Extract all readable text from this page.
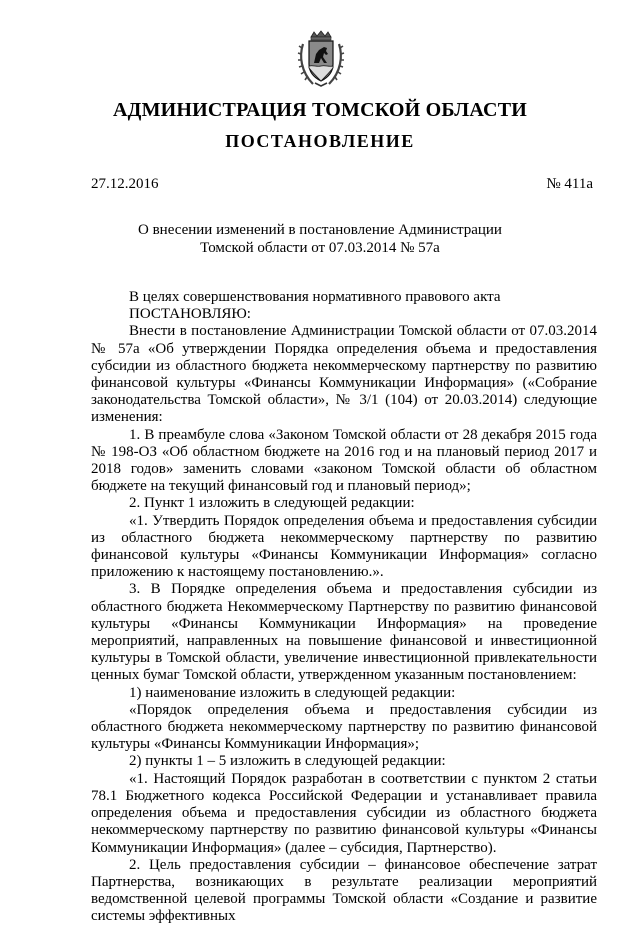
АДМИНИСТРАЦИЯ ТОМСКОЙ ОБЛАСТИ
ПОСТАНОВЛЕНИЕ
27.12.2016	№ 411а
О внесении изменений в постановление Администрации
Томской области от 07.03.2014 № 57а

В целях совершенствования нормативного правового акта

ПОСТАНОВЛЯЮ:

Внести в постановление Администрации Томской области от 07.03.2014 № 57а «Об утверждении Порядка определения объема и предоставления субсидии из областного бюджета некоммерческому партнерству по развитию финансовой культуры «Финансы Коммуникации Информация» («Собрание законодательства Томской области», № 3/1 (104) от 20.03.2014) следующие изменения:

1. В преамбуле слова «Законом Томской области от 28 декабря 2015 года № 198-ОЗ «Об областном бюджете на 2016 год и на плановый период 2017 и 2018 годов» заменить словами «законом Томской области об областном бюджете на текущий финансовый год и плановый период»;

2. Пункт 1 изложить в следующей редакции:

«1. Утвердить Порядок определения объема и предоставления субсидии из областного бюджета некоммерческому партнерству по развитию финансовой культуры «Финансы Коммуникации Информация» согласно приложению к настоящему постановлению.».

3. В Порядке определения объема и предоставления субсидии из областного бюджета Некоммерческому Партнерству по развитию финансовой культуры «Финансы Коммуникации Информация» на проведение мероприятий, направленных на повышение финансовой и инвестиционной культуры в Томской области, увеличение инвестиционной привлекательности ценных бумаг Томской области, утвержденном указанным постановлением:

1) наименование изложить в следующей редакции:

«Порядок определения объема и предоставления субсидии из областного бюджета некоммерческому партнерству по развитию финансовой культуры «Финансы Коммуникации Информация»;

2) пункты 1 – 5 изложить в следующей редакции:

«1. Настоящий Порядок разработан в соответствии с пунктом 2 статьи 78.1 Бюджетного кодекса Российской Федерации и устанавливает правила определения объема и предоставления субсидии из областного бюджета некоммерческому партнерству по развитию финансовой культуры «Финансы Коммуникации Информация» (далее – субсидия, Партнерство).

2. Цель предоставления субсидии – финансовое обеспечение затрат Партнерства, возникающих в результате реализации мероприятий ведомственной целевой программы Томской области «Создание и развитие системы эффективных
